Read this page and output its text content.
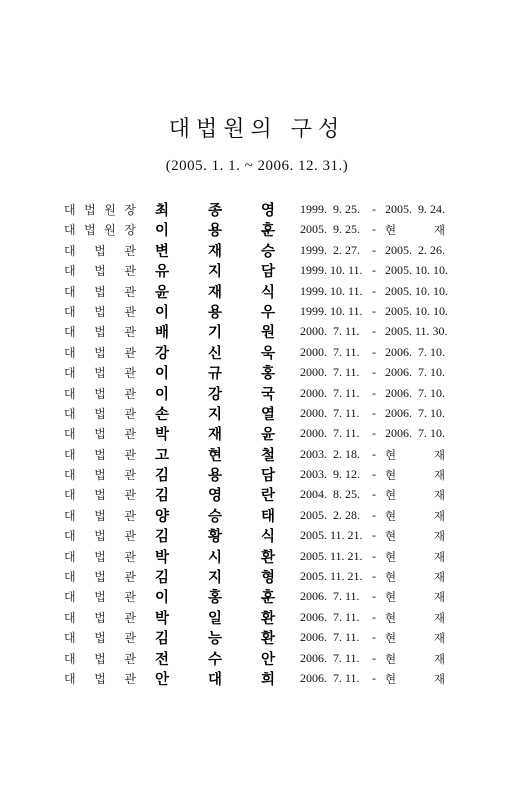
대법원의 구성
(2005. 1. 1. ~ 2006. 12. 31.)
대 법 원 장 최	종	영 1999.  9. 25. - 2005.  9. 24.
대 법 원 장 이	용	훈 2005.  9. 25. - 현	재
대 법 관 변	재	승 1999.  2. 27. - 2005.  2. 26.
대 법 관 유	지	담 1999. 10. 11. - 2005. 10. 10.
대 법 관 윤	재	식 1999. 10. 11. - 2005. 10. 10.
대 법 관 이	용	우 1999. 10. 11. - 2005. 10. 10.
대 법 관 배	기	원 2000.  7. 11. - 2005. 11. 30.
대 법 관 강	신	욱 2000.  7. 11. - 2006.  7. 10.
대 법 관 이	규	홍 2000.  7. 11. - 2006.  7. 10.
대 법 관 이	강	국 2000.  7. 11. - 2006.  7. 10.
대 법 관 손	지	열 2000.  7. 11. - 2006.  7. 10.
대 법 관 박	재	윤 2000.  7. 11. - 2006.  7. 10.
대 법 관 고	현	철 2003.  2. 18. - 현	재
대 법 관 김	용	담 2003.  9. 12. - 현	재
대 법 관 김	영	란 2004.  8. 25. - 현	재
대 법 관 양	승	태 2005.  2. 28. - 현	재
대 법 관 김	황	식 2005. 11. 21. - 현	재
대 법 관 박	시	환 2005. 11. 21. - 현	재
대 법 관 김	지	형 2005. 11. 21. - 현	재
대 법 관 이	홍	훈 2006.  7. 11. - 현	재
대 법 관 박	일	환 2006.  7. 11. - 현	재
대 법 관 김	능	환 2006.  7. 11. - 현	재
대 법 관 전	수	안 2006.  7. 11. - 현	재
대 법 관 안	대	희 2006.  7. 11. - 현	재
